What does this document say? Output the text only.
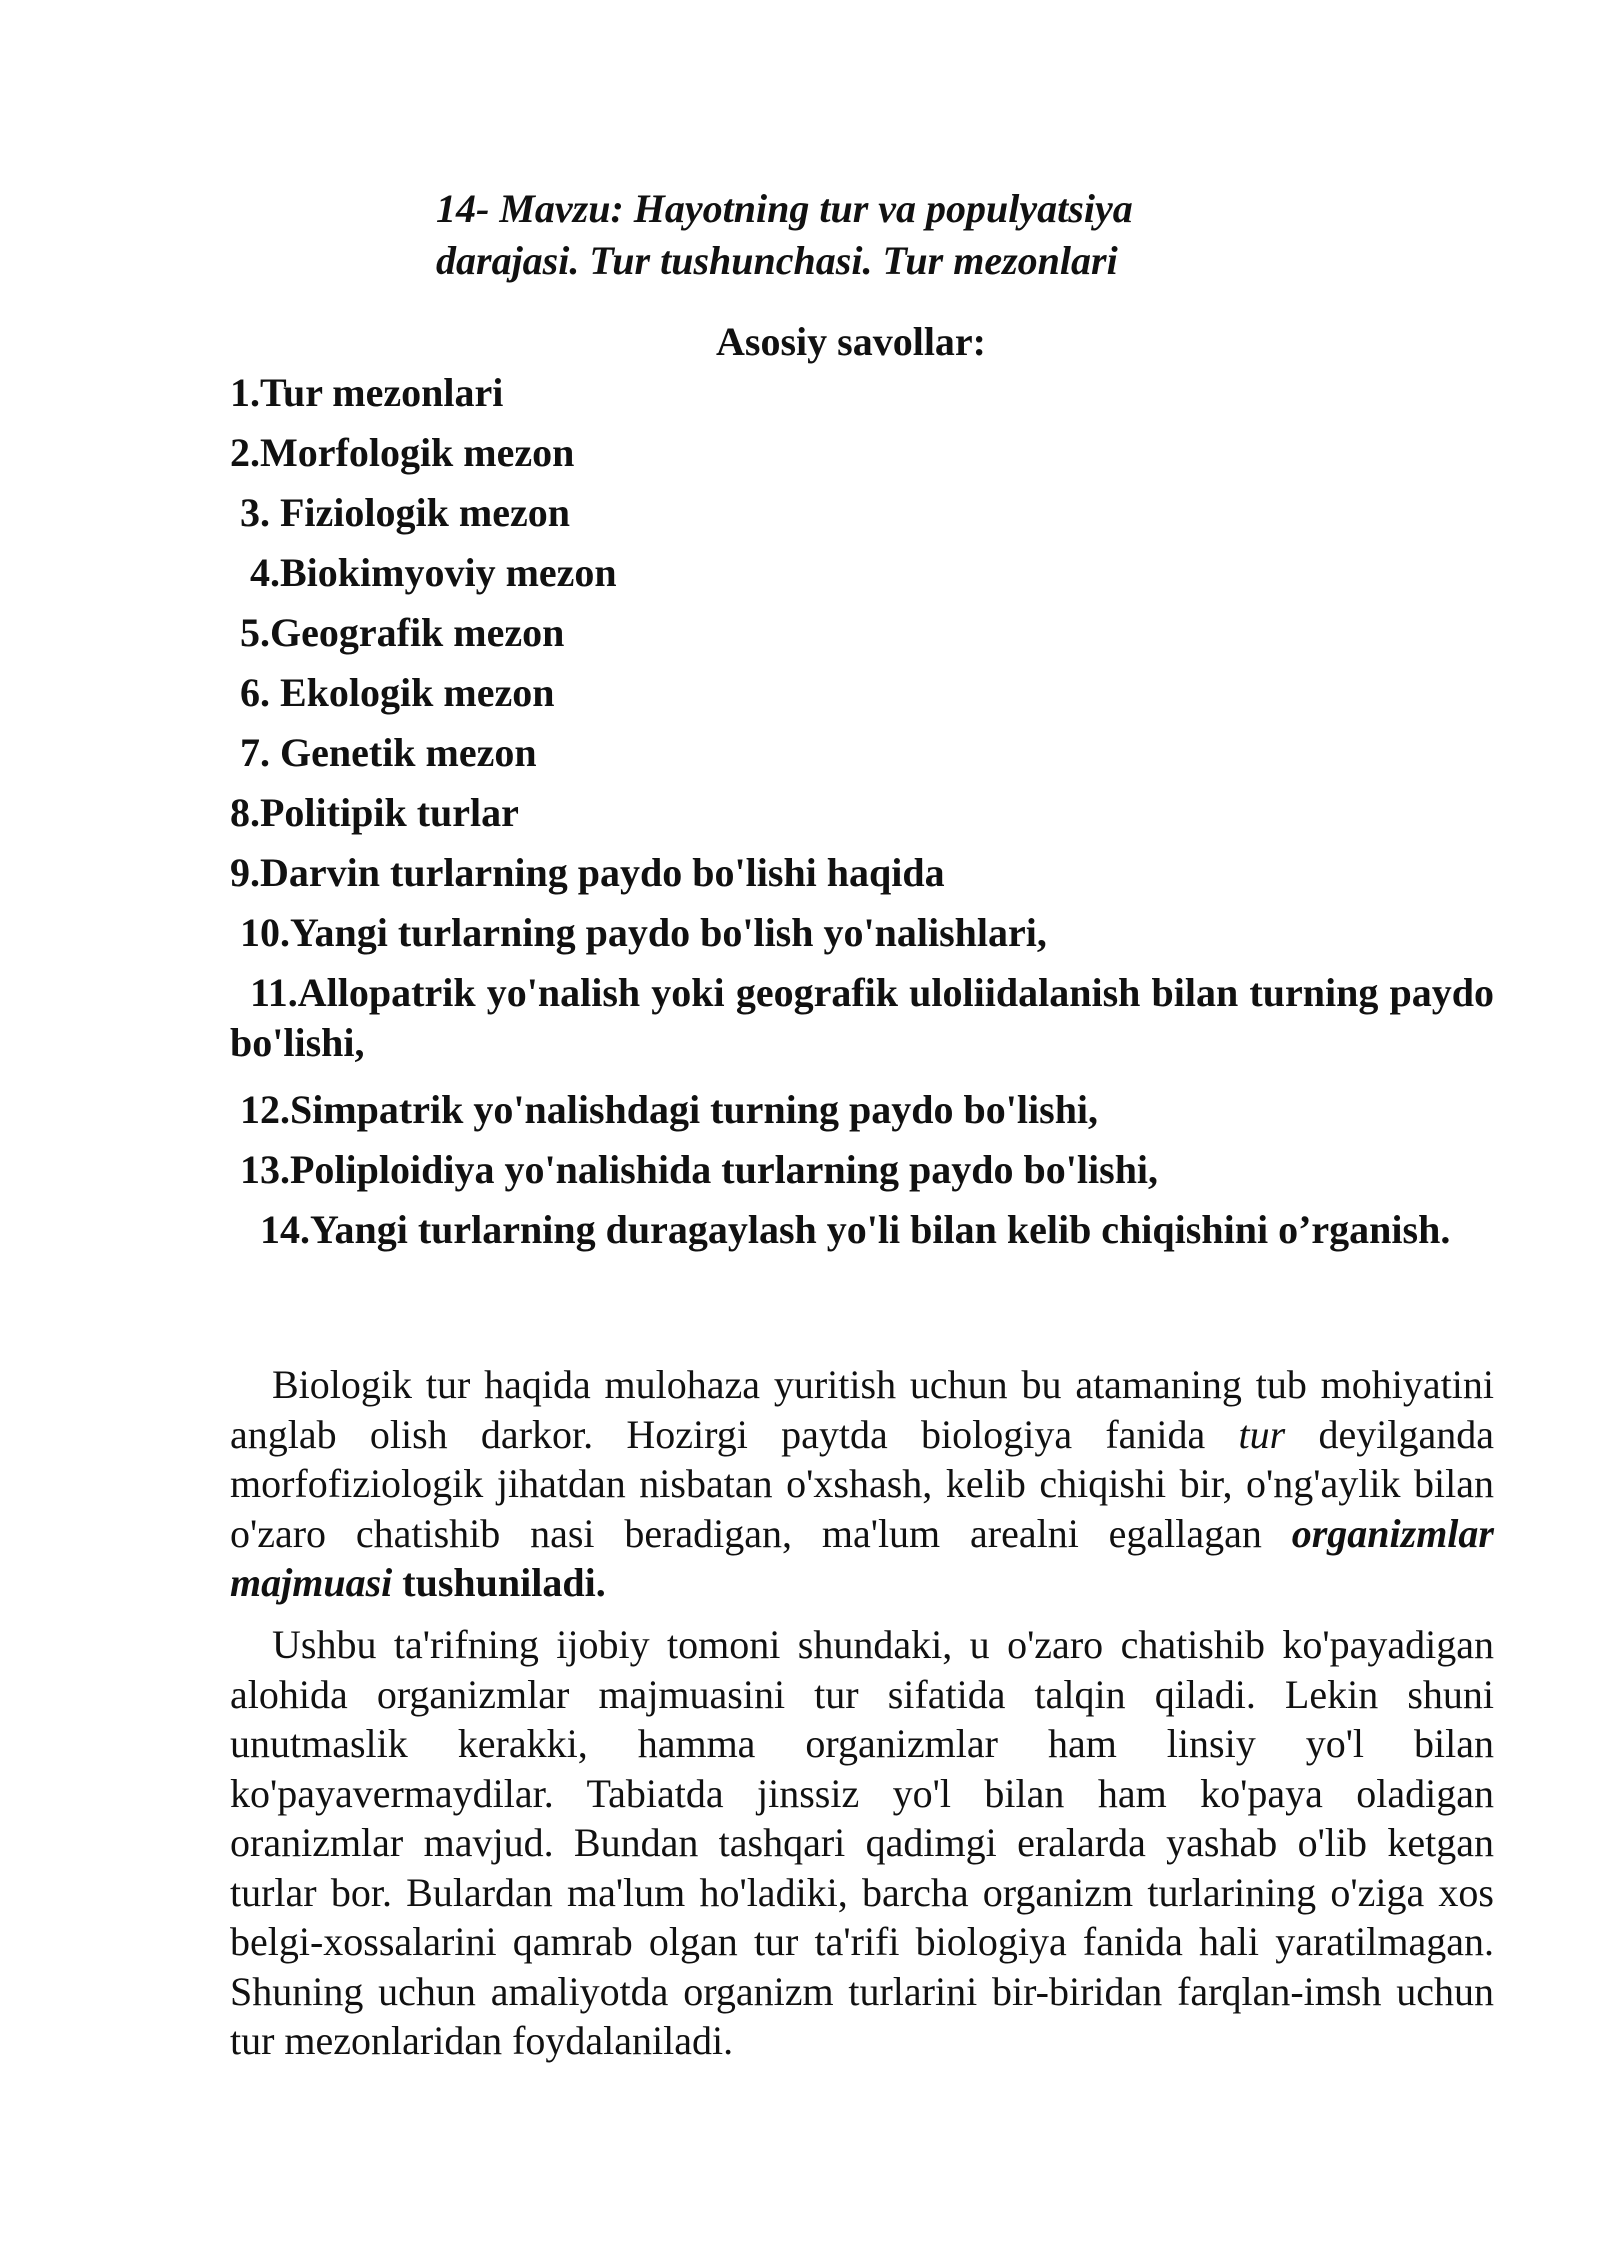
14- Mavzu: Hayotning tur va populyatsiya
darajasi. Tur tushunchasi. Tur mezonlari
Asosiy savollar:
1.Tur mezonlari
2.Morfologik mezon
3. Fiziologik mezon
4.Biokimyoviy mezon
5.Geografik mezon
6. Ekologik mezon
7. Genetik mezon
8.Politipik turlar
9.Darvin turlarning paydo bo'lishi haqida
10.Yangi turlarning paydo bo'lish yo'nalishlari,
11.Allopatrik yo'nalish yoki geografik uloliidalanish bilan turning paydo bo'lishi,
12.Simpatrik yo'nalishdagi turning paydo bo'lishi,
13.Poliploidiya yo'nalishida turlarning paydo bo'lishi,
14.Yangi turlarning duragaylash yo'li bilan kelib chiqishini o’rganish.
Biologik tur haqida mulohaza yuritish uchun bu atamaning tub mohiyatini anglab olish darkor. Hozirgi paytda biologiya fanida tur deyilganda morfofiziologik jihatdan nisbatan o'xshash, kelib chiqishi bir, o'ng'aylik bilan o'zaro chatishib nasi beradigan, ma'lum arealni egallagan organizmlar majmuasi tushuniladi.
Ushbu ta'rifning ijobiy tomoni shundaki, u o'zaro chatishib ko'payadigan alohida organizmlar majmuasini tur sifatida talqin qiladi. Lekin shuni unutmaslik kerakki, hamma organizmlar ham linsiy yo'l bilan ko'payavermaydilar. Tabiatda jinssiz yo'l bilan ham ko'paya oladigan oranizmlar mavjud. Bundan tashqari qadimgi eralarda yashab o'lib ketgan turlar bor. Bulardan ma'lum ho'ladiki, barcha organizm turlarining o'ziga xos belgi-xossalarini qamrab olgan tur ta'rifi biologiya fanida hali yaratilmagan. Shuning uchun amaliyotda organizm turlarini bir-biridan farqlan-imsh uchun tur mezonlaridan foydalaniladi.
